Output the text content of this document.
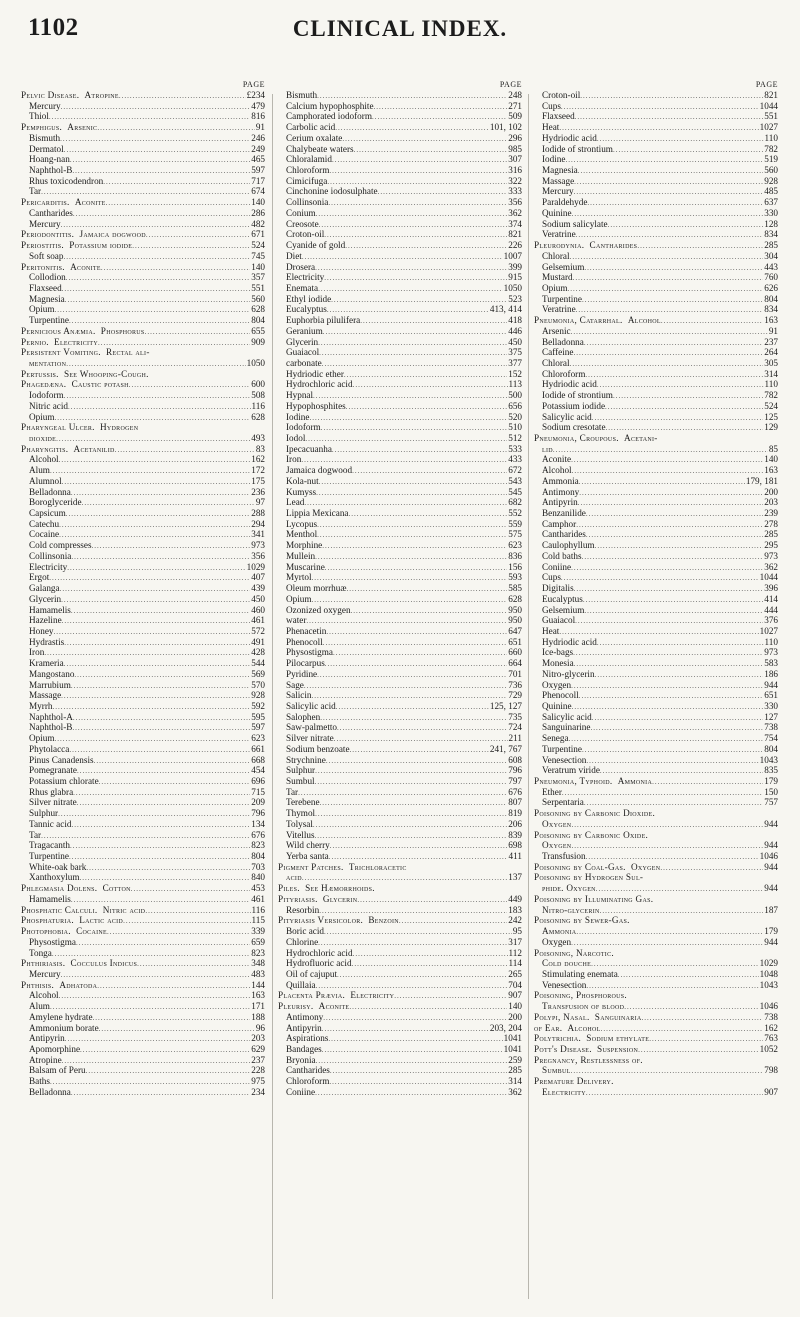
1102	CLINICAL INDEX.
PAGE
Pelvic Disease. Atropine .....	£234
Mercury .....	479
Thiol .....	816
Pemphigus. Arsenic .....	91
Bismuth .....	246
Dermatol .....	249
Hoang-nan .....	465
Naphthol-B .....	597
Rhus toxicodendron .....	717
Tar .....	674
Pericarditis. Aconite .....	140
Cantharides .....	286
Mercury .....	482
Periodontitis. Jamaica dogwood .....	671
Periostitis. Potassium iodide .....	524
Soft soap .....	745
Peritonitis. Aconite .....	140
Collodion .....	357
Flaxseed .....	551
Magnesia .....	560
Opium .....	628
Turpentine .....	804
Pernicious Anæmia. Phosphorus .....	655
Pernio. Electricity .....	909
Persistent Vomiting. Rectal ali-
mentation .....	1050
Pertussis. See Whooping-Cough.
Phagedæna. Caustic potash .....	600
Iodoform .....	508
Nitric acid .....	116
Opium .....	628
Pharyngeal Ulcer. Hydrogen
dioxide .....	493
Pharyngitis. Acetanilid .....	83
Alcohol .....	162
Alum .....	172
Alumnol .....	175
Belladonna .....	236
Boroglyceride .....	97
Capsicum .....	288
Catechu .....	294
Cocaine .....	341
Cold compresses .....	973
Collinsonia .....	356
Electricity .....	1029
Ergot .....	407
Galanga .....	439
Glycerin .....	450
Hamamelis .....	460
Hazeline .....	461
Honey .....	572
Hydrastis .....	491
Iron .....	428
Krameria .....	544
Mangostano .....	569
Marrubium .....	570
Massage .....	928
Myrrh .....	592
Naphthol-A .....	595
Naphthol-B .....	597
Opium .....	623
Phytolacca .....	661
Pinus Canadensis .....	668
Pomegranate .....	454
Potassium chlorate .....	696
Rhus glabra .....	715
Silver nitrate .....	209
Sulphur .....	796
Tannic acid .....	134
Tar .....	676
Tragacanth .....	823
Turpentine .....	804
White-oak bark .....	703
Xanthoxylum .....	840
Phlegmasia Dolens. Cotton .....	453
Hamamelis .....	461
Phosphatic Calculi. Nitric acid .....	116
Phosphaturia. Lactic acid .....	115
Photophobia. Cocaine .....	339
Physostigma .....	659
Tonga .....	823
Phthiriasis. Cocculus Indicus .....	348
Mercury .....	483
Phthisis. Adhatoda .....	144
Alcohol .....	163
Alum .....	171
Amylene hydrate .....	188
Ammonium borate .....	96
Antipyrin .....	203
Apomorphine .....	629
Atropine .....	237
Balsam of Peru .....	228
Baths .....	975
Belladonna .....	234
PAGE
Bismuth .....	248
Calcium hypophosphite .....	271
Camphorated iodoform .....	509
Carbolic acid .....	101, 102
Cerium oxalate .....	296
Chalybeate waters .....	985
Chloralamid .....	307
Chloroform .....	316
Cimicifuga .....	322
Cinchonine iodosulphate .....	333
Collinsonia .....	356
Conium .....	362
Creosote .....	374
Croton-oil .....	821
Cyanide of gold .....	226
Diet .....	1007
Drosera .....	399
Electricity .....	915
Enemata .....	1050
Ethyl iodide .....	523
Eucalyptus .....	413, 414
Euphorbia pilulifera .....	418
Geranium .....	446
Glycerin .....	450
Guaiacol .....	375
carbonate .....	377
Hydriodic ether .....	152
Hydrochloric acid .....	113
Hypnal .....	500
Hypophosphites .....	656
Iodine .....	520
Iodoform .....	510
Iodol .....	512
Ipecacuanha .....	533
Iron .....	433
Jamaica dogwood .....	672
Kola-nut .....	543
Kumyss .....	545
Lead .....	682
Lippia Mexicana .....	552
Lycopus .....	559
Menthol .....	575
Morphine .....	623
Mullein .....	836
Muscarine .....	156
Myrtol .....	593
Oleum morrhuæ .....	585
Opium .....	628
Ozonized oxygen .....	950
water .....	950
Phenacetin .....	647
Phenocoll .....	651
Physostigma .....	660
Pilocarpus .....	664
Pyridine .....	701
Sage .....	736
Salicin .....	729
Salicylic acid .....	125, 127
Salophen .....	735
Saw-palmetto .....	724
Silver nitrate .....	211
Sodium benzoate .....	241, 767
Strychnine .....	608
Sulphur .....	796
Sumbul .....	797
Tar .....	676
Terebene .....	807
Thymol .....	819
Tolysal .....	206
Vitellus .....	839
Wild cherry .....	698
Yerba santa .....	411
Pigment Patches. Trichloracetic
acid .....	137
Piles. See Hæmorrhoids.
Pityriasis. Glycerin .....	449
Resorbin .....	183
Pityriasis Versicolor. Benzoin .....	242
Boric acid .....	95
Chlorine .....	317
Hydrochloric acid .....	112
Hydrofluoric acid .....	114
Oil of cajuput .....	265
Quillaia .....	704
Placenta Prævia. Electricity .....	907
Pleurisy. Aconite .....	140
Antimony .....	200
Antipyrin .....	203, 204
Aspirations .....	1041
Bandages .....	1041
Bryonia .....	259
Cantharides .....	285
Chloroform .....	314
Coniine .....	362
PAGE
Croton-oil .....	821
Cups .....	1044
Flaxseed .....	551
Heat .....	1027
Hydriodic acid .....	110
Iodide of strontium .....	782
Iodine .....	519
Magnesia .....	560
Massage .....	928
Mercury .....	485
Paraldehyde .....	637
Quinine .....	330
Sodium salicylate .....	128
Veratrine .....	834
Pleurodynia. Cantharides .....	285
Chloral .....	304
Gelsemium .....	443
Mustard .....	760
Opium .....	626
Turpentine .....	804
Veratrine .....	834
Pneumonia, Catarrhal. Alcohol .....	163
Arsenic .....	91
Belladonna .....	237
Caffeine .....	264
Chloral .....	305
Chloroform .....	314
Hydriodic acid .....	110
Iodide of strontium .....	782
Potassium iodide .....	524
Salicylic acid .....	125
Sodium cresotate .....	129
Pneumonia, Croupous. Acetani-
lid .....	85
Aconite .....	140
Alcohol .....	163
Ammonia .....	179, 181
Antimony .....	200
Antipyrin .....	203
Benzanilide .....	239
Camphor .....	278
Cantharides .....	285
Caulophyllum .....	295
Cold baths .....	973
Coniine .....	362
Cups .....	1044
Digitalis .....	396
Eucalyptus .....	414
Gelsemium .....	444
Guaiacol .....	376
Heat .....	1027
Hydriodic acid .....	110
Ice-bags .....	973
Monesia .....	583
Nitro-glycerin .....	186
Oxygen .....	944
Phenocoll .....	651
Quinine .....	330
Salicylic acid .....	127
Sanguinarine .....	738
Senega .....	754
Turpentine .....	804
Venesection .....	1043
Veratrum viride .....	835
Pneumonia, Typhoid. Ammonia .....	179
Ether .....	150
Serpentaria .....	757
Poisoning by Carbonic Dioxide.
Oxygen .....	944
Poisoning by Carbonic Oxide.
Oxygen .....	944
Transfusion .....	1046
Poisoning by Coal-Gas. Oxygen .....	944
Poisoning by Hydrogen Sul-
phide. Oxygen .....	944
Poisoning by Illuminating Gas.
Nitro-glycerin .....	187
Poisoning by Sewer-Gas.
Ammonia .....	179
Oxygen .....	944
Poisoning, Narcotic.
Cold douche .....	1029
Stimulating enemata .....	1048
Venesection .....	1043
Poisoning, Phosphorous.
Transfusion of blood .....	1046
Polypi, Nasal. Sanguinaria .....	738
of Ear. Alcohol .....	162
Polytrichia. Sodium ethylate .....	763
Pott's Disease. Suspension .....	1052
Pregnancy, Restlessness of.
Sumbul .....	798
Premature Delivery.
Electricity .....	907
